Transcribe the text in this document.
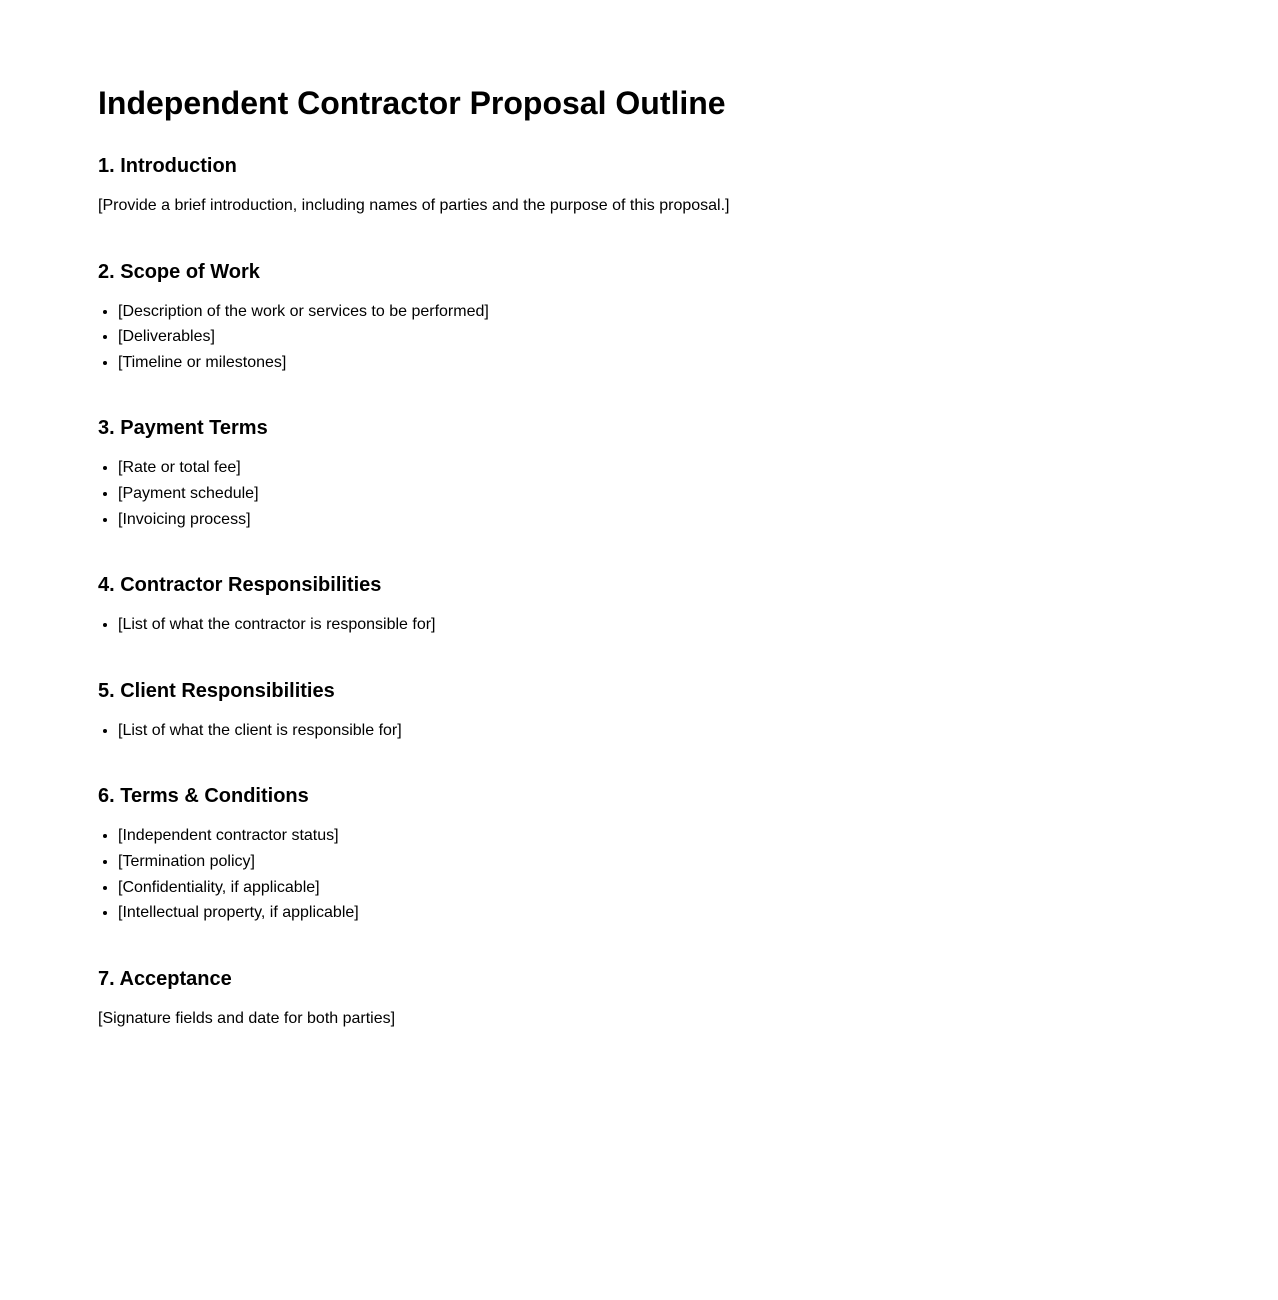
Independent Contractor Proposal Outline
1. Introduction

[Provide a brief introduction, including names of parties and the purpose of this proposal.]

2. Scope of Work
• [Description of the work or services to be performed]
• [Deliverables]
• [Timeline or milestones]
3. Payment Terms
• [Rate or total fee]
• [Payment schedule]
• [Invoicing process]
4. Contractor Responsibilities
• [List of what the contractor is responsible for]
5. Client Responsibilities
• [List of what the client is responsible for]
6. Terms & Conditions
• [Independent contractor status]
• [Termination policy]
• [Confidentiality, if applicable]
• [Intellectual property, if applicable]
7. Acceptance

[Signature fields and date for both parties]
